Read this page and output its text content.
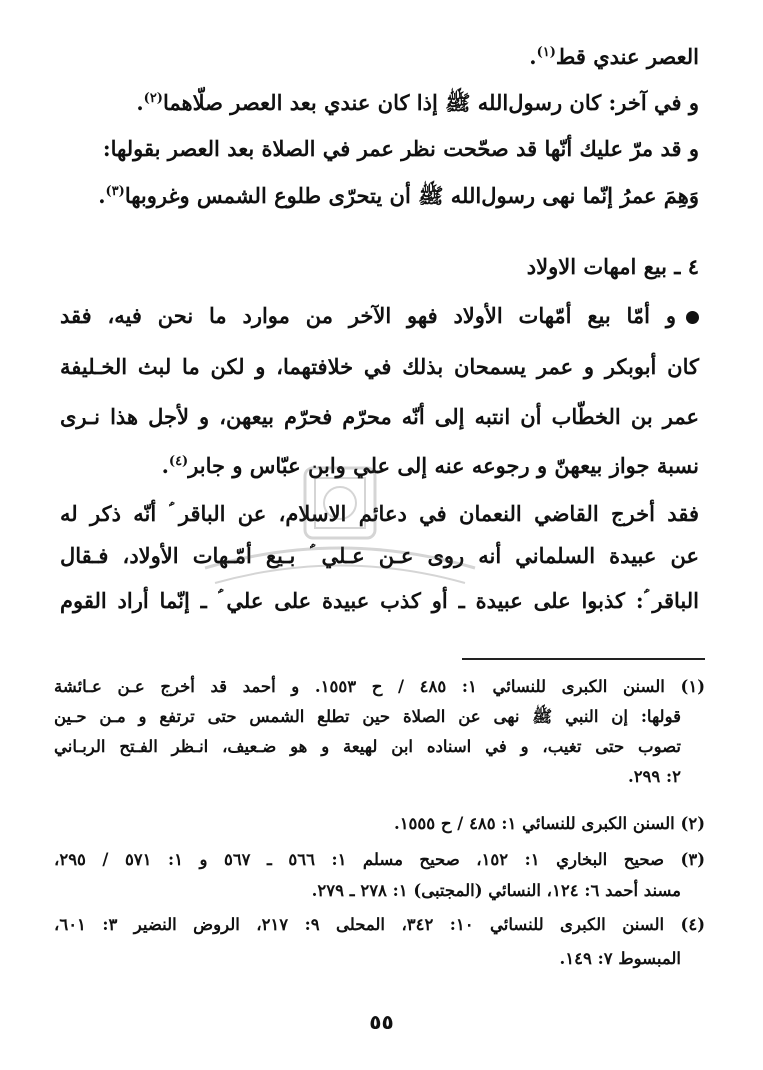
العصر عندي قط$^{(١)}$.
و في آخر: كان رسول‌الله ﷺ إذا كان عندي بعد العصر صلّاهما$^{(٢)}$.
و قد مرّ عليك أنّها قد صحّحت نظر عمر في الصلاة بعد العصر بقولها:
وَهِمَ عمرُ إنّما نهى رسول‌الله ﷺ أن يتحرّى طلوع الشمس وغروبها$^{(٣)}$.
٤ ـ بيع امهات الاولاد
و أمّا بيع أمّهات الأولاد فهو الآخر من موارد ما نحن فيه، فقد
كان أبوبكر و عمر يسمحان بذلك في خلافتهما، و لكن ما لبث الخـليفة
عمر بن الخطّاب أن انتبه إلى أنّه محرّم فحرّم بيعهن، و لأجل هذا نـرى
نسبة جواز بيعهنّ و رجوعه عنه إلى علي وابن عبّاس و جابر$^{(٤)}$.
فقد أخرج القاضي النعمان في دعائم الاسلام، عن الباقر ؑ أنّه ذكر له
عن عبيدة السلماني أنه روى عـن عـلي ؑ بـيع أمّـهات الأولاد، فـقال
الباقر ؑ: كذبوا على عبيدة ـ أو كذب عبيدة على علي ؑ ـ إنّما أراد القوم
(١) السنن الكبرى للنسائي ١: ٤٨٥ / ح ١٥٥٣. و أحمد قد أخرج عـن عـائشة
قولها: إن النبي ﷺ نهى عن الصلاة حين تطلع الشمس حتى ترتفع و مـن حـين
تصوب حتى تغيب، و في اسناده ابن لهيعة و هو ضـعيف، انـظر الفـتح الربـاني
٢: ٢٩٩.
(٢) السنن الكبرى للنسائي ١: ٤٨٥ / ح ١٥٥٥.
(٣) صحيح البخاري ١: ١٥٢، صحيح مسلم ١: ٥٦٦ ـ ٥٦٧ و ١: ٥٧١ / ٢٩٥،
مسند أحمد ٦: ١٢٤، النسائي (المجتبى) ١: ٢٧٨ ـ ٢٧٩.
(٤) السنن الكبرى للنسائي ١٠: ٣٤٢، المحلى ٩: ٢١٧، الروض النضير ٣: ٦٠١،
المبسوط ٧: ١٤٩.
٥٥
